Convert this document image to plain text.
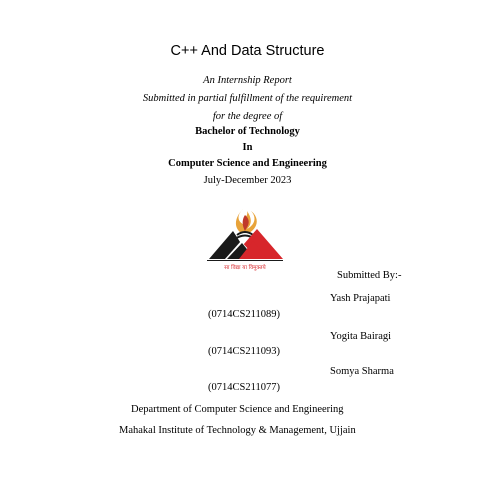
C++ And Data Structure
An Internship Report
Submitted in partial fulfillment of the requirement
for the degree of
Bachelor of Technology
In
Computer Science and Engineering
July-December 2023
सा विद्या या विमुक्तये
Submitted By:-
Yash Prajapati
(0714CS211089)
Yogita Bairagi
(0714CS211093)
Somya Sharma
(0714CS211077)
Department of Computer Science and Engineering
Mahakal Institute of Technology & Management, Ujjain
